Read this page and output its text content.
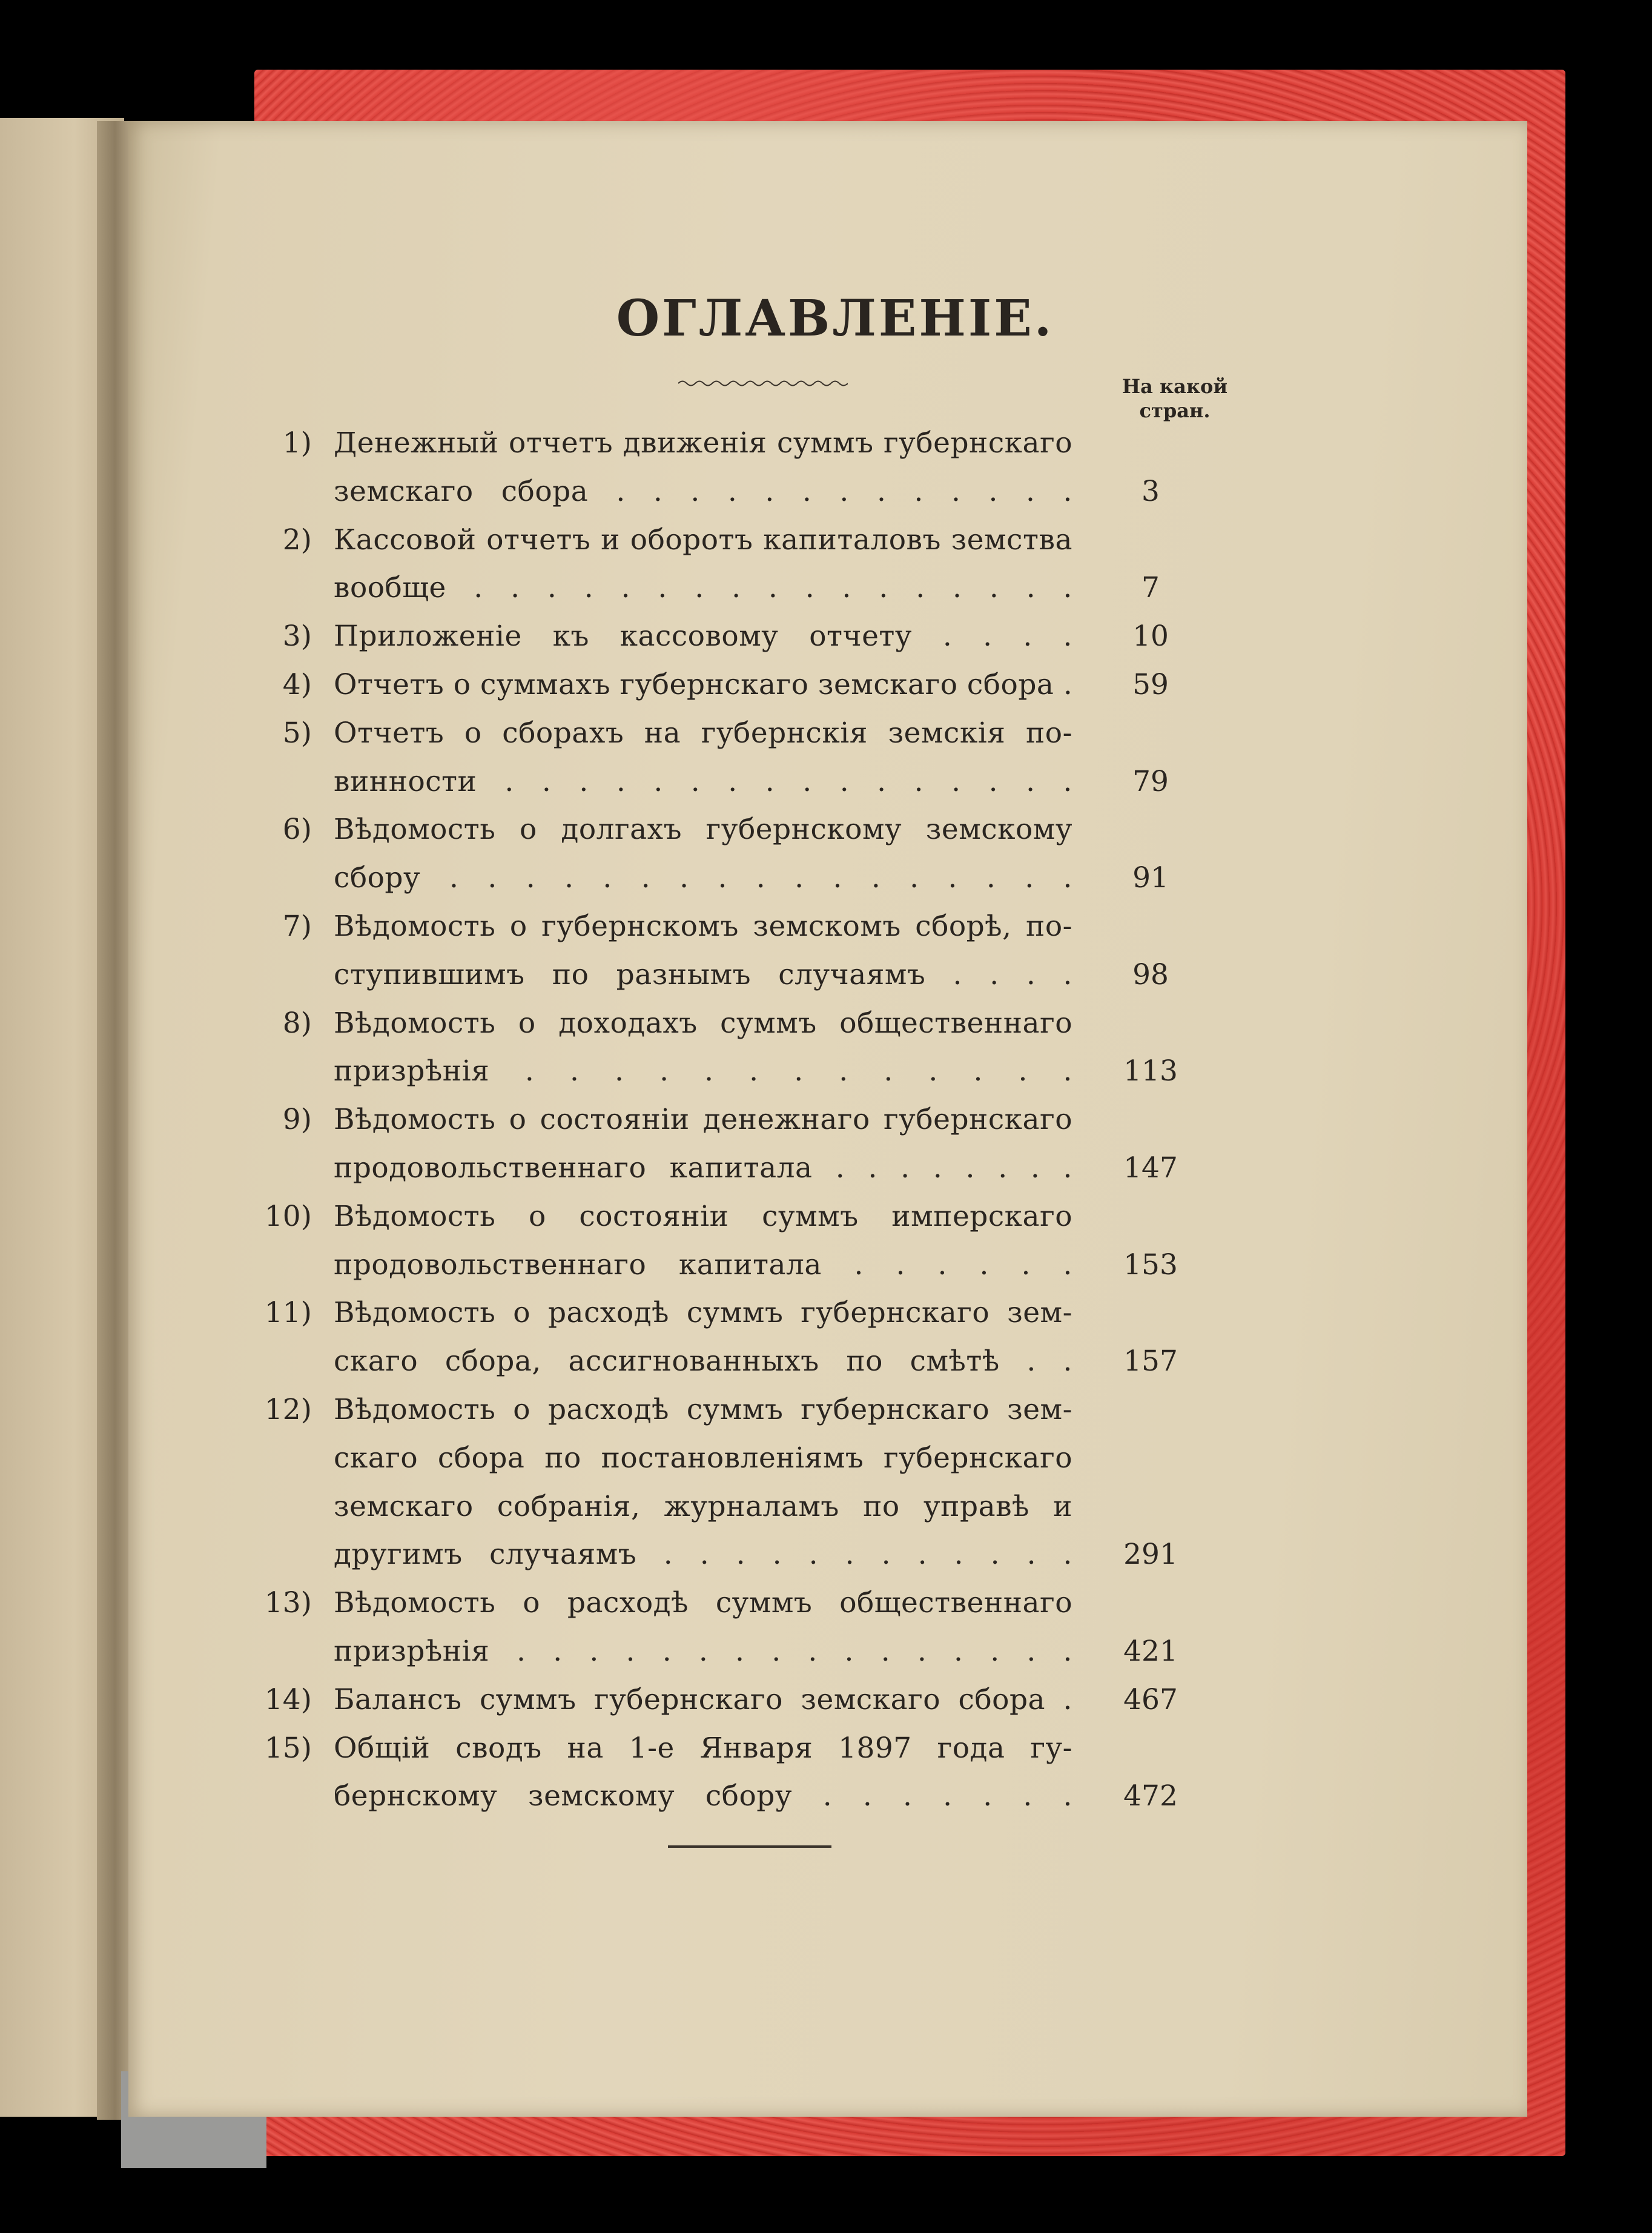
ОГЛАВЛЕНІЕ.
На какой
стран.
1) Денежный отчетъ движенія суммъ губернскаго
земскаго сбора . . . . . . . . . . . . .	3
2) Кассовой отчетъ и оборотъ капиталовъ земства
вообще . . . . . . . . . . . . . . . . .	7
3) Приложеніе къ кассовому отчету . . . .	10
4) Отчетъ о суммахъ губернскаго земскаго сбора .	59
5) Отчетъ о сборахъ на губернскія земскія по-
винности . . . . . . . . . . . . . . . .	79
6) Вѣдомость о долгахъ губернскому земскому
сбору . . . . . . . . . . . . . . . . .	91
7) Вѣдомость о губернскомъ земскомъ сборѣ, по-
ступившимъ по разнымъ случаямъ . . . .	98
8) Вѣдомость о доходахъ суммъ общественнаго
призрѣнія . . . . . . . . . . . . .	113
9) Вѣдомость о состояніи денежнаго губернскаго
продовольственнаго капитала . . . . . . . .	147
10) Вѣдомость о состояніи суммъ имперскаго
продовольственнаго капитала . . . . . .	153
11) Вѣдомость о расходѣ суммъ губернскаго зем-
скаго сбора, ассигнованныхъ по смѣтѣ . .	157
12) Вѣдомость о расходѣ суммъ губернскаго зем-
скаго сбора по постановленіямъ губернскаго
земскаго собранія, журналамъ по управѣ и
другимъ случаямъ . . . . . . . . . . . .	291
13) Вѣдомость о расходѣ суммъ общественнаго
призрѣнія . . . . . . . . . . . . . . . .	421
14) Балансъ суммъ губернскаго земскаго сбора .	467
15) Общій сводъ на 1-е Января 1897 года гу-
бернскому земскому сбору . . . . . . .	472
